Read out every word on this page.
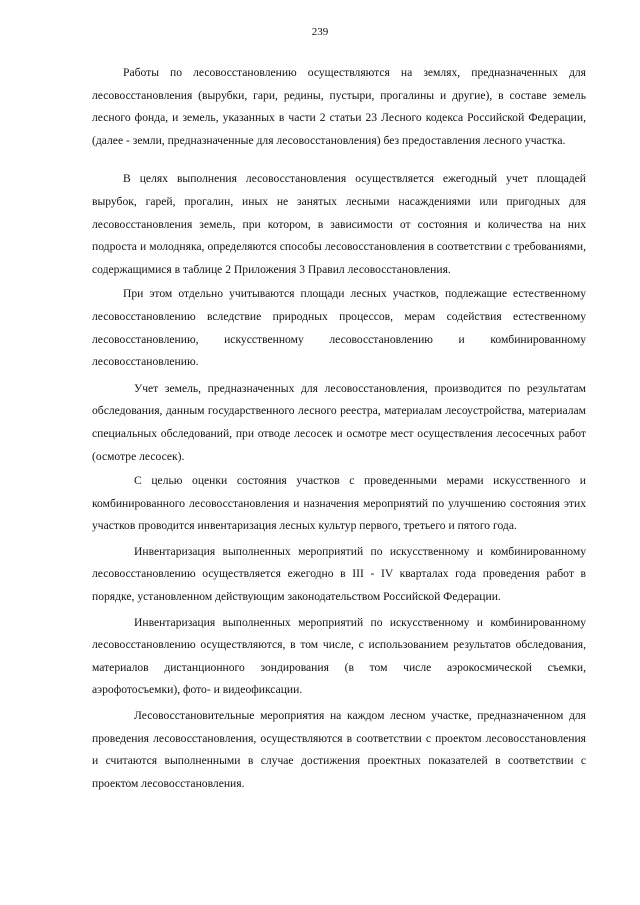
239

Работы по лесовосстановлению осуществляются на землях, предназначенных для лесовосстановления (вырубки, гари, редины, пустыри, прогалины и другие), в составе земель лесного фонда, и земель, указанных в части 2 статьи 23 Лесного кодекса Российской Федерации, (далее - земли, предназначенные для лесовосстановления) без предоставления лесного участка.

В целях выполнения лесовосстановления осуществляется ежегодный учет площадей вырубок, гарей, прогалин, иных не занятых лесными насаждениями или пригодных для лесовосстановления земель, при котором, в зависимости от состояния и количества на них подроста и молодняка, определяются способы лесовосстановления в соответствии с требованиями, содержащимися в таблице 2 Приложения 3 Правил лесовосстановления.

При этом отдельно учитываются площади лесных участков, подлежащие естественному лесовосстановлению вследствие природных процессов, мерам содействия естественному лесовосстановлению, искусственному лесовосстановлению и комбинированному лесовосстановлению.

Учет земель, предназначенных для лесовосстановления, производится по результатам обследования, данным государственного лесного реестра, материалам лесоустройства, материалам специальных обследований, при отводе лесосек и осмотре мест осуществления лесосечных работ (осмотре лесосек).

С целью оценки состояния участков с проведенными мерами искусственного и комбинированного лесовосстановления и назначения мероприятий по улучшению состояния этих участков проводится инвентаризация лесных культур первого, третьего и пятого года.

Инвентаризация выполненных мероприятий по искусственному и комбинированному лесовосстановлению осуществляется ежегодно в III - IV кварталах года проведения работ в порядке, установленном действующим законодательством Российской Федерации.

Инвентаризация выполненных мероприятий по искусственному и комбинированному лесовосстановлению осуществляются, в том числе, с использованием результатов обследования, материалов дистанционного зондирования (в том числе аэрокосмической съемки, аэрофотосъемки), фото- и видеофиксации.

Лесовосстановительные мероприятия на каждом лесном участке, предназначенном для проведения лесовосстановления, осуществляются в соответствии с проектом лесовосстановления и считаются выполненными в случае достижения проектных показателей в соответствии с проектом лесовосстановления.
